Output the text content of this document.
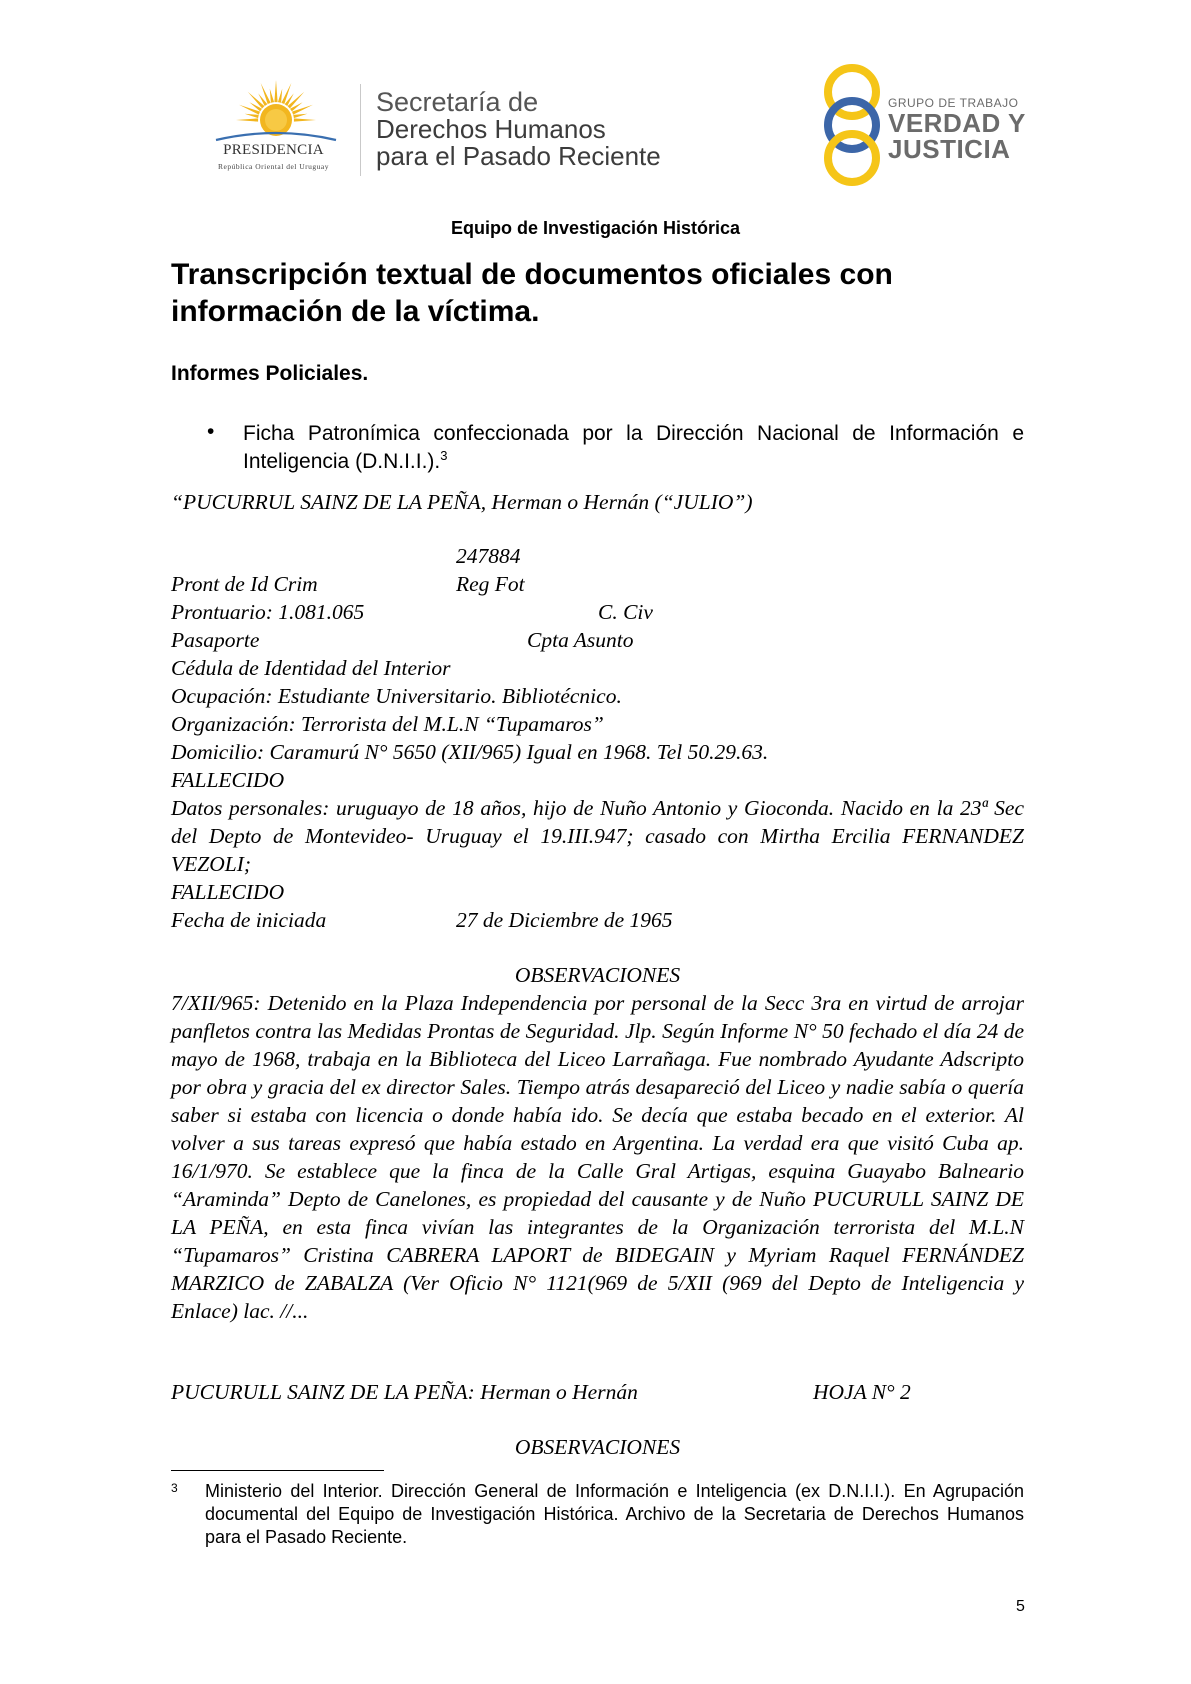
PRESIDENCIA
República Oriental del Uruguay
Secretaría de
Derechos Humanos
para el Pasado Reciente
GRUPO DE TRABAJO
VERDAD Y
JUSTICIA
Equipo de Investigación Histórica
Transcripción textual de documentos oficiales con
información de la víctima.
Informes Policiales.
• Ficha Patronímica confeccionada por la Dirección Nacional de Información e Inteligencia (D.N.I.I.).$^3$
“PUCURRUL SAINZ DE LA PEÑA, Herman o Hernán (“JULIO”)
247884
Pront de Id Crim	Reg Fot
Prontuario: 1.081.065	C. Civ
Pasaporte	Cpta Asunto
Cédula de Identidad del Interior
Ocupación: Estudiante Universitario. Bibliotécnico.
Organización: Terrorista del M.L.N “Tupamaros”
Domicilio: Caramurú N° 5650 (XII/965) Igual en 1968. Tel 50.29.63.
FALLECIDO
Datos personales: uruguayo de 18 años, hijo de Nuño Antonio y Gioconda. Nacido en la 23ª Sec del Depto de Montevideo- Uruguay el 19.III.947; casado con Mirtha Ercilia FERNANDEZ VEZOLI;
FALLECIDO
Fecha de iniciada	27 de Diciembre de 1965
OBSERVACIONES
7/XII/965: Detenido en la Plaza Independencia por personal de la Secc 3ra en virtud de arrojar panfletos contra las Medidas Prontas de Seguridad. Jlp. Según Informe N° 50 fechado el día 24 de mayo de 1968, trabaja en la Biblioteca del Liceo Larrañaga. Fue nombrado Ayudante Adscripto por obra y gracia del ex director Sales. Tiempo atrás desapareció del Liceo y nadie sabía o quería saber si estaba con licencia o donde había ido. Se decía que estaba becado en el exterior. Al volver a sus tareas expresó que había estado en Argentina. La verdad era que visitó Cuba ap. 16/1/970. Se establece que la finca de la Calle Gral Artigas, esquina Guayabo Balneario “Araminda” Depto de Canelones, es propiedad del causante y de Nuño PUCURULL SAINZ DE LA PEÑA, en esta finca vivían las integrantes de la Organización terrorista del M.L.N “Tupamaros” Cristina CABRERA LAPORT de BIDEGAIN y Myriam Raquel FERNÁNDEZ MARZICO de ZABALZA (Ver Oficio N° 1121(969 de 5/XII (969 del Depto de Inteligencia y Enlace) lac. //...
PUCURULL SAINZ DE LA PEÑA: Herman o Hernán	HOJA N° 2
OBSERVACIONES
3 Ministerio del Interior. Dirección General de Información e Inteligencia (ex D.N.I.I.). En Agrupación documental del Equipo de Investigación Histórica. Archivo de la Secretaria de Derechos Humanos para el Pasado Reciente.
5
